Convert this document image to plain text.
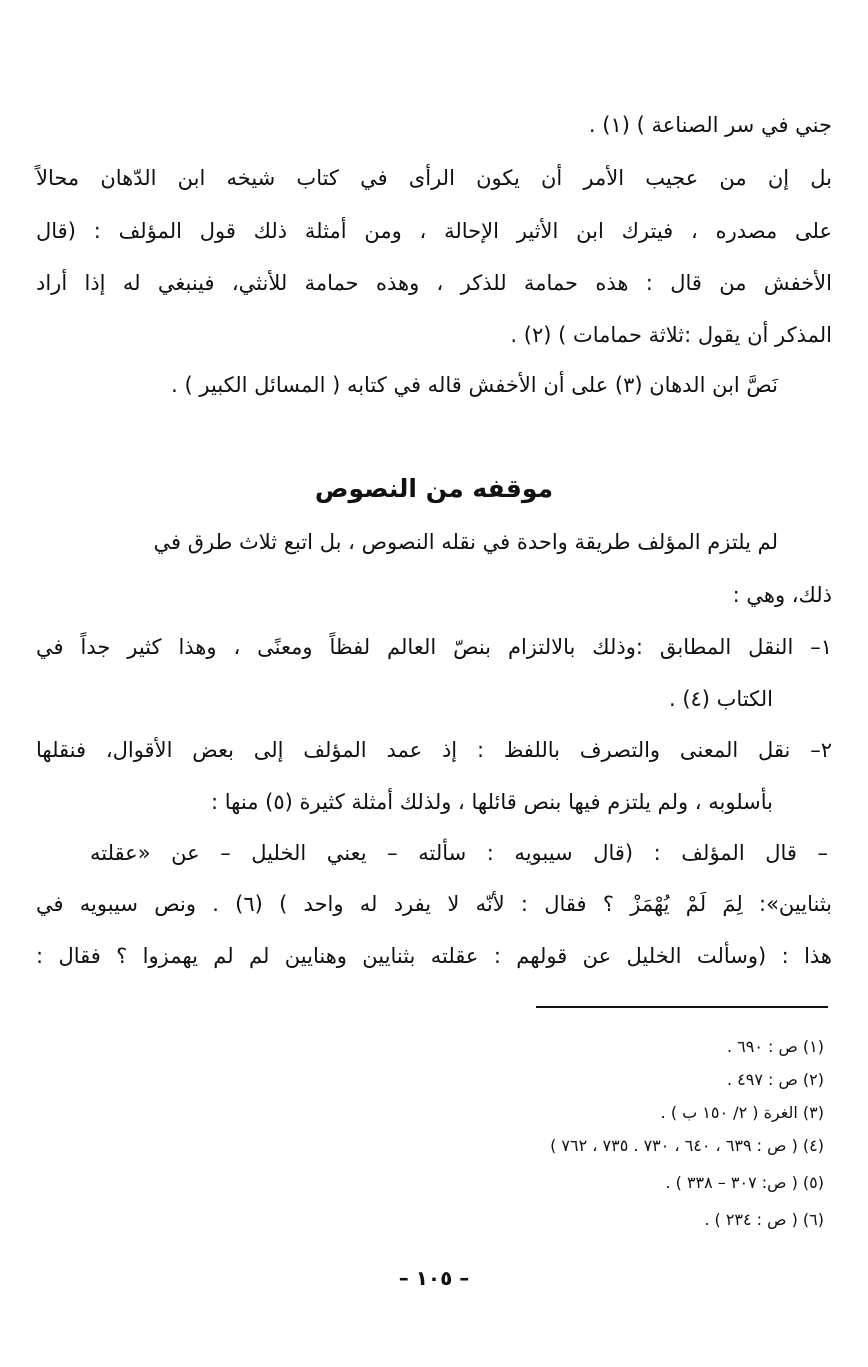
جني في سر الصناعة ) (١) .
بل إن من عجيب الأمر أن يكون الرأى في كتاب شيخه ابن الدّهان محالاً
على مصدره ، فيترك ابن الأثير الإحالة ، ومن أمثلة ذلك قول المؤلف : (قال
الأخفش من قال : هذه حمامة للذكر ، وهذه حمامة للأنثي، فينبغي له إذا أراد
المذكر أن يقول :ثلاثة حمامات ) (٢) .
نَصَّ ابن الدهان (٣) على أن الأخفش قاله في كتابه ( المسائل الكبير ) .
موقفه من النصوص
لم يلتزم المؤلف طريقة واحدة في نقله النصوص ، بل اتبع ثلاث طرق في
ذلك، وهي :
١– النقل المطابق :وذلك بالالتزام بنصّ العالم لفظاً ومعنًى ، وهذا كثير جداً في
الكتاب (٤) .
٢– نقل المعنى والتصرف باللفظ : إذ عمد المؤلف إلى بعض الأقوال، فنقلها
بأسلوبه ، ولم يلتزم فيها بنص قائلها ، ولذلك أمثلة كثيرة (٥) منها :
– قال المؤلف : (قال سيبويه : سألته – يعني الخليل – عن «عقلته
بثنايين»: لِمَ لَمْ يُهْمَزْ ؟ فقال : لأنّه لا يفرد له واحد ) (٦) . ونص سيبويه في
هذا : (وسألت الخليل عن قولهم : عقلته بثنايين وهنايين لم لم يهمزوا ؟ فقال :
(١) ص : ٦٩٠ .
(٢) ص : ٤٩٧ .
(٣) الغرة ( ٢/ ١٥٠ ب ) .
(٤) ( ص : ٦٣٩ ، ٦٤٠ ، ٧٣٠ . ٧٣٥ ، ٧٦٢ )
(٥) ( ص: ٣٠٧ – ٣٣٨ ) .
(٦) ( ص : ٢٣٤ ) .
– ١٠٥ –
